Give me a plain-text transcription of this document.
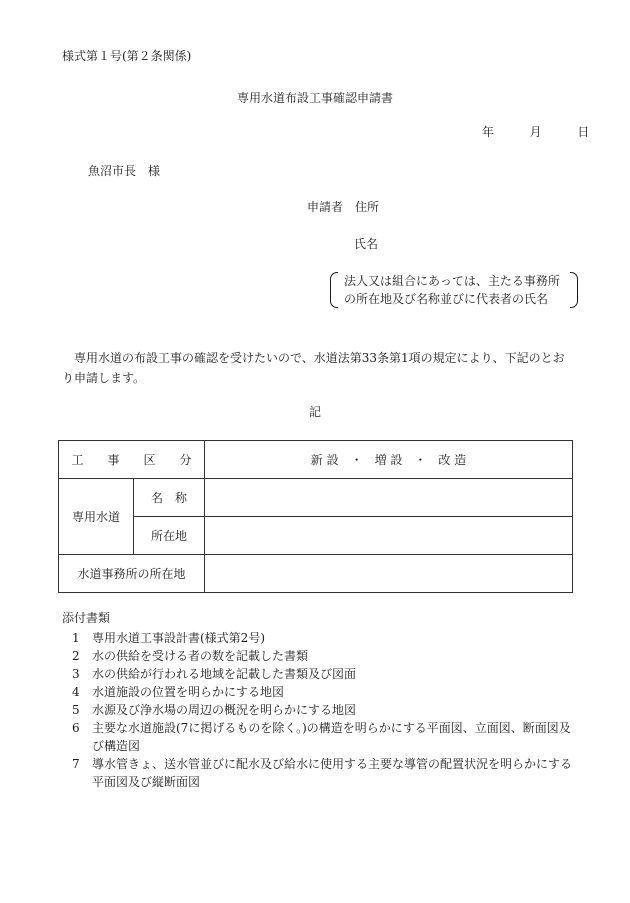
様式第１号(第２条関係)
専用水道布設工事確認申請書
年	月	日
魚沼市長　様
申請者　住所
氏名
法人又は組合にあっては、主たる事務所
の所在地及び名称並びに代表者の氏名
専用水道の布設工事の確認を受けたいので、水道法第33条第1項の規定により、下記のとおり申請します。
記
工　　事　　区　　分		新 設　・　増 設　・　改 造
専用水道	名　称	
	所在地	
水道事務所の所在地		
添付書類
1 専用水道工事設計書(様式第2号)
2 水の供給を受ける者の数を記載した書類
3 水の供給が行われる地域を記載した書類及び図面
4 水道施設の位置を明らかにする地図
5 水源及び浄水場の周辺の概況を明らかにする地図
6 主要な水道施設(7に掲げるものを除く。)の構造を明らかにする平面図、立面図、断面図及び構造図
7 導水管きょ、送水管並びに配水及び給水に使用する主要な導管の配置状況を明らかにする平面図及び縦断面図
